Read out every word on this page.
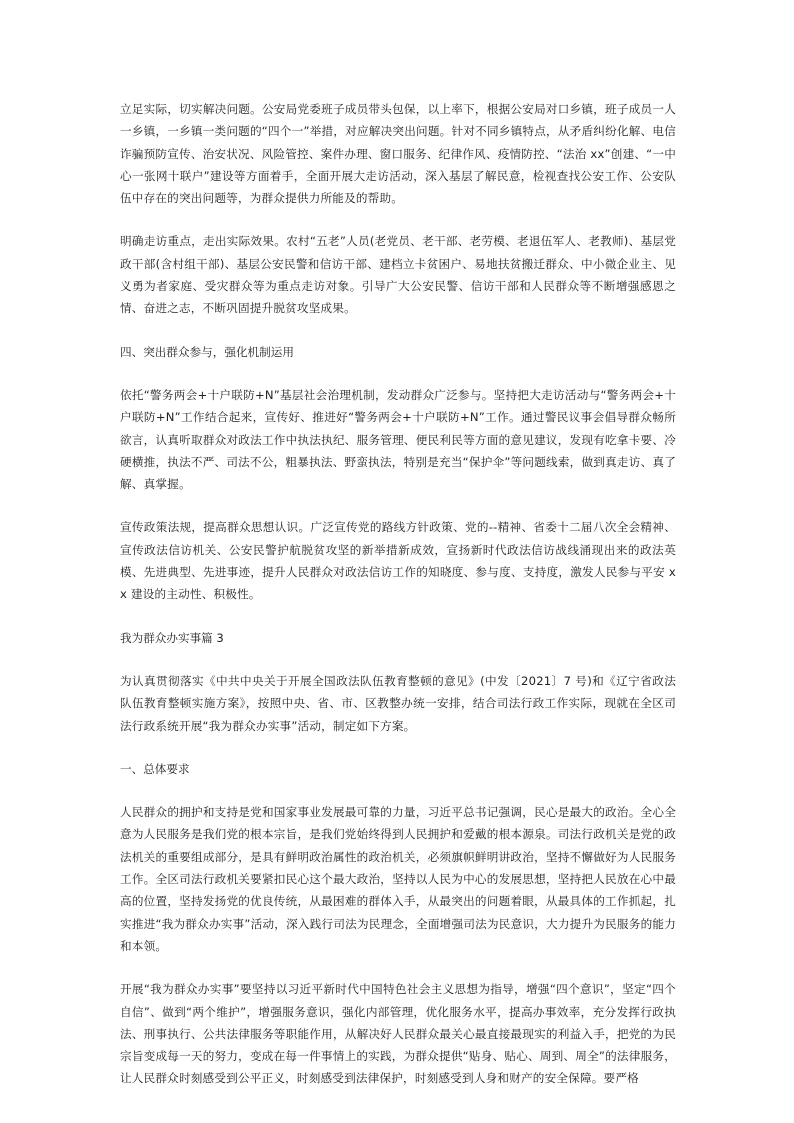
立足实际，切实解决问题。公安局党委班子成员带头包保，以上率下，根据公安局对口乡镇，班子成员一人一乡镇，一乡镇一类问题的“四个一”举措，对应解决突出问题。针对不同乡镇特点，从矛盾纠纷化解、电信诈骗预防宣传、治安状况、风险管控、案件办理、窗口服务、纪律作风、疫情防控、“法治 xx”创建、“一中心一张网十联户”建设等方面着手，全面开展大走访活动，深入基层了解民意，检视查找公安工作、公安队伍中存在的突出问题等，为群众提供力所能及的帮助。

明确走访重点，走出实际效果。农村“五老”人员(老党员、老干部、老劳模、老退伍军人、老教师)、基层党政干部(含村组干部)、基层公安民警和信访干部、建档立卡贫困户、易地扶贫搬迁群众、中小微企业主、见义勇为者家庭、受灾群众等为重点走访对象。引导广大公安民警、信访干部和人民群众等不断增强感恩之情、奋进之志，不断巩固提升脱贫攻坚成果。

四、突出群众参与，强化机制运用

依托“警务两会+十户联防+N”基层社会治理机制，发动群众广泛参与。坚持把大走访活动与“警务两会+十户联防+N”工作结合起来，宣传好、推进好“警务两会+十户联防+N”工作。通过警民议事会倡导群众畅所欲言，认真听取群众对政法工作中执法执纪、服务管理、便民利民等方面的意见建议，发现有吃拿卡要、冷硬横推，执法不严、司法不公，粗暴执法、野蛮执法，特别是充当“保护伞”等问题线索，做到真走访、真了解、真掌握。

宣传政策法规，提高群众思想认识。广泛宣传党的路线方针政策、党的--精神、省委十二届八次全会精神、宣传政法信访机关、公安民警护航脱贫攻坚的新举措新成效，宣扬新时代政法信访战线涌现出来的政法英模、先进典型、先进事迹，提升人民群众对政法信访工作的知晓度、参与度、支持度，激发人民参与平安 xx 建设的主动性、积极性。

我为群众办实事篇 3

为认真贯彻落实《中共中央关于开展全国政法队伍教育整顿的意见》(中发〔2021〕7 号)和《辽宁省政法队伍教育整顿实施方案》，按照中央、省、市、区教整办统一安排，结合司法行政工作实际，现就在全区司法行政系统开展“我为群众办实事”活动，制定如下方案。

一、总体要求

人民群众的拥护和支持是党和国家事业发展最可靠的力量，习近平总书记强调，民心是最大的政治。全心全意为人民服务是我们党的根本宗旨，是我们党始终得到人民拥护和爱戴的根本源泉。司法行政机关是党的政法机关的重要组成部分，是具有鲜明政治属性的政治机关，必须旗帜鲜明讲政治，坚持不懈做好为人民服务工作。全区司法行政机关要紧扣民心这个最大政治，坚持以人民为中心的发展思想，坚持把人民放在心中最高的位置，坚持发扬党的优良传统，从最困难的群体入手，从最突出的问题着眼，从最具体的工作抓起，扎实推进“我为群众办实事”活动，深入践行司法为民理念，全面增强司法为民意识，大力提升为民服务的能力和本领。

开展“我为群众办实事”要坚持以习近平新时代中国特色社会主义思想为指导，增强“四个意识”，坚定“四个自信”、做到“两个维护”，增强服务意识，强化内部管理，优化服务水平，提高办事效率，充分发挥行政执法、刑事执行、公共法律服务等职能作用，从解决好人民群众最关心最直接最现实的利益入手，把党的为民宗旨变成每一天的努力，变成在每一件事情上的实践，为群众提供“贴身、贴心、周到、周全”的法律服务，让人民群众时刻感受到公平正义，时刻感受到法律保护，时刻感受到人身和财产的安全保障。要严格
